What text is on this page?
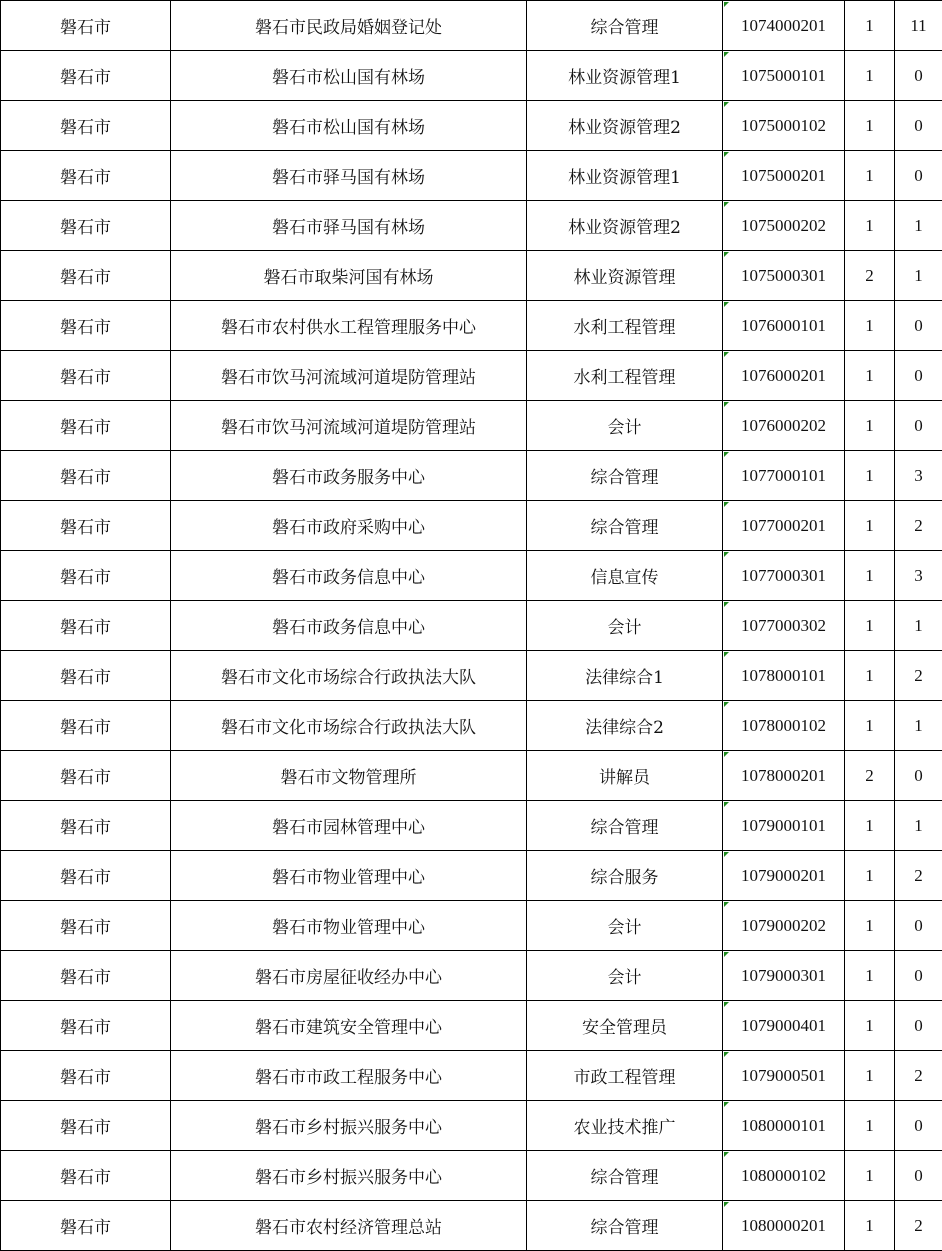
磐石市	磐石市民政局婚姻登记处	综合管理	1074000201	1	11
磐石市	磐石市松山国有林场	林业资源管理1	1075000101	1	0
磐石市	磐石市松山国有林场	林业资源管理2	1075000102	1	0
磐石市	磐石市驿马国有林场	林业资源管理1	1075000201	1	0
磐石市	磐石市驿马国有林场	林业资源管理2	1075000202	1	1
磐石市	磐石市取柴河国有林场	林业资源管理	1075000301	2	1
磐石市	磐石市农村供水工程管理服务中心	水利工程管理	1076000101	1	0
磐石市	磐石市饮马河流域河道堤防管理站	水利工程管理	1076000201	1	0
磐石市	磐石市饮马河流域河道堤防管理站	会计	1076000202	1	0
磐石市	磐石市政务服务中心	综合管理	1077000101	1	3
磐石市	磐石市政府采购中心	综合管理	1077000201	1	2
磐石市	磐石市政务信息中心	信息宣传	1077000301	1	3
磐石市	磐石市政务信息中心	会计	1077000302	1	1
磐石市	磐石市文化市场综合行政执法大队	法律综合1	1078000101	1	2
磐石市	磐石市文化市场综合行政执法大队	法律综合2	1078000102	1	1
磐石市	磐石市文物管理所	讲解员	1078000201	2	0
磐石市	磐石市园林管理中心	综合管理	1079000101	1	1
磐石市	磐石市物业管理中心	综合服务	1079000201	1	2
磐石市	磐石市物业管理中心	会计	1079000202	1	0
磐石市	磐石市房屋征收经办中心	会计	1079000301	1	0
磐石市	磐石市建筑安全管理中心	安全管理员	1079000401	1	0
磐石市	磐石市市政工程服务中心	市政工程管理	1079000501	1	2
磐石市	磐石市乡村振兴服务中心	农业技术推广	1080000101	1	0
磐石市	磐石市乡村振兴服务中心	综合管理	1080000102	1	0
磐石市	磐石市农村经济管理总站	综合管理	1080000201	1	2
